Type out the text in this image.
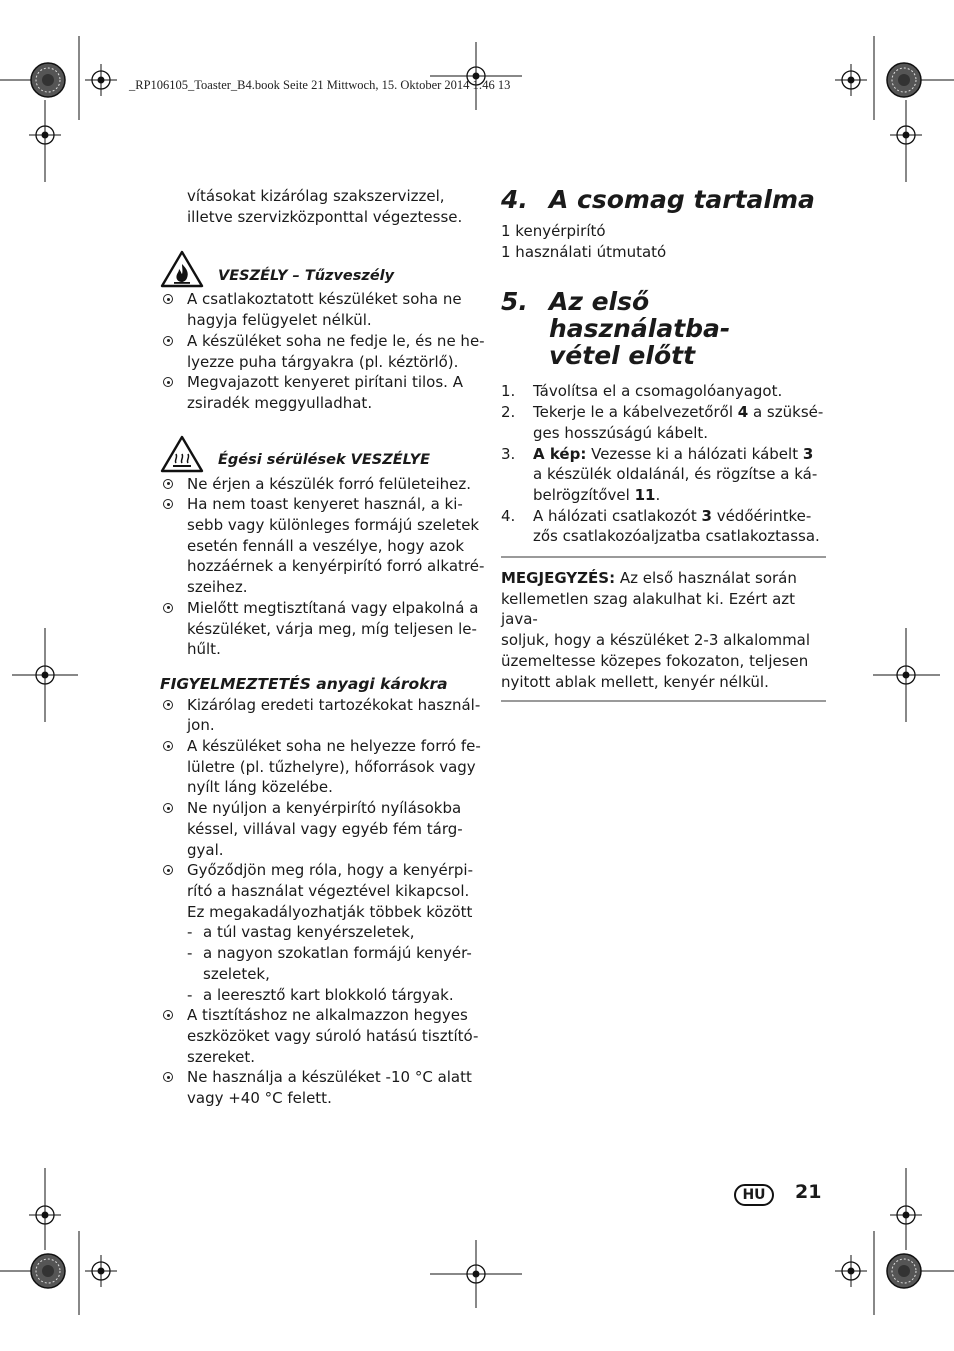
_RP106105_Toaster_B4.book Seite 21 Mittwoch, 15. Oktober 2014 1:46 13

vításokat kizárólag szakszervizzel,

illetve szervizközponttal végeztesse.

VESZÉLY – Tűzveszély

A csatlakoztatott készüléket soha ne

hagyja felügyelet nélkül.

A készüléket soha ne fedje le, és ne he-

lyezze puha tárgyakra (pl. kéztörlő).

Megvajazott kenyeret pirítani tilos. A

zsiradék meggyulladhat.

Égési sérülések VESZÉLYE

Ne érjen a készülék forró felületeihez.

Ha nem toast kenyeret használ, a ki-

sebb vagy különleges formájú szeletek

esetén fennáll a veszélye, hogy azok

hozzáérnek a kenyérpirító forró alkatré-

szeihez.

Mielőtt megtisztítaná vagy elpakolná a

készüléket, várja meg, míg teljesen le-

hűlt.

FIGYELMEZTETÉS anyagi károkra

Kizárólag eredeti tartozékokat használ-

jon.

A készüléket soha ne helyezze forró fe-

lületre (pl. tűzhelyre), hőforrások vagy

nyílt láng közelébe.

Ne nyúljon a kenyérpirító nyílásokba

késsel, villával vagy egyéb fém tárg-

gyal.

Győződjön meg róla, hogy a kenyérpi-

rító a használat végeztével kikapcsol.

Ez megakadályozhatják többek között

- a túl vastag kenyérszeletek,

- a nagyon szokatlan formájú kenyér-

szeletek,

- a leeresztő kart blokkoló tárgyak.

A tisztításhoz ne alkalmazzon hegyes

eszközöket vagy súroló hatású tisztító-

szereket.

Ne használja a készüléket -10 °C alatt

vagy +40 °C felett.

4. A csomag tartalma

1 kenyérpirító

1 használati útmutató

5. Az első használatba-
vétel előtt
1. Távolítsa el a csomagolóanyagot.

2. Tekerje le a kábelvezetőről 4 a szüksé-

ges hosszúságú kábelt.

3. A kép: Vezesse ki a hálózati kábelt 3

a készülék oldalánál, és rögzítse a ká-

belrögzítővel 11.

4. A hálózati csatlakozót 3 védőérintke-

zős csatlakozóaljzatba csatlakoztassa.

MEGJEGYZÉS: Az első használat során

kellemetlen szag alakulhat ki. Ezért azt java-

soljuk, hogy a készüléket 2-3 alkalommal

üzemeltesse közepes fokozaton, teljesen

nyitott ablak mellett, kenyér nélkül.

HU	21
